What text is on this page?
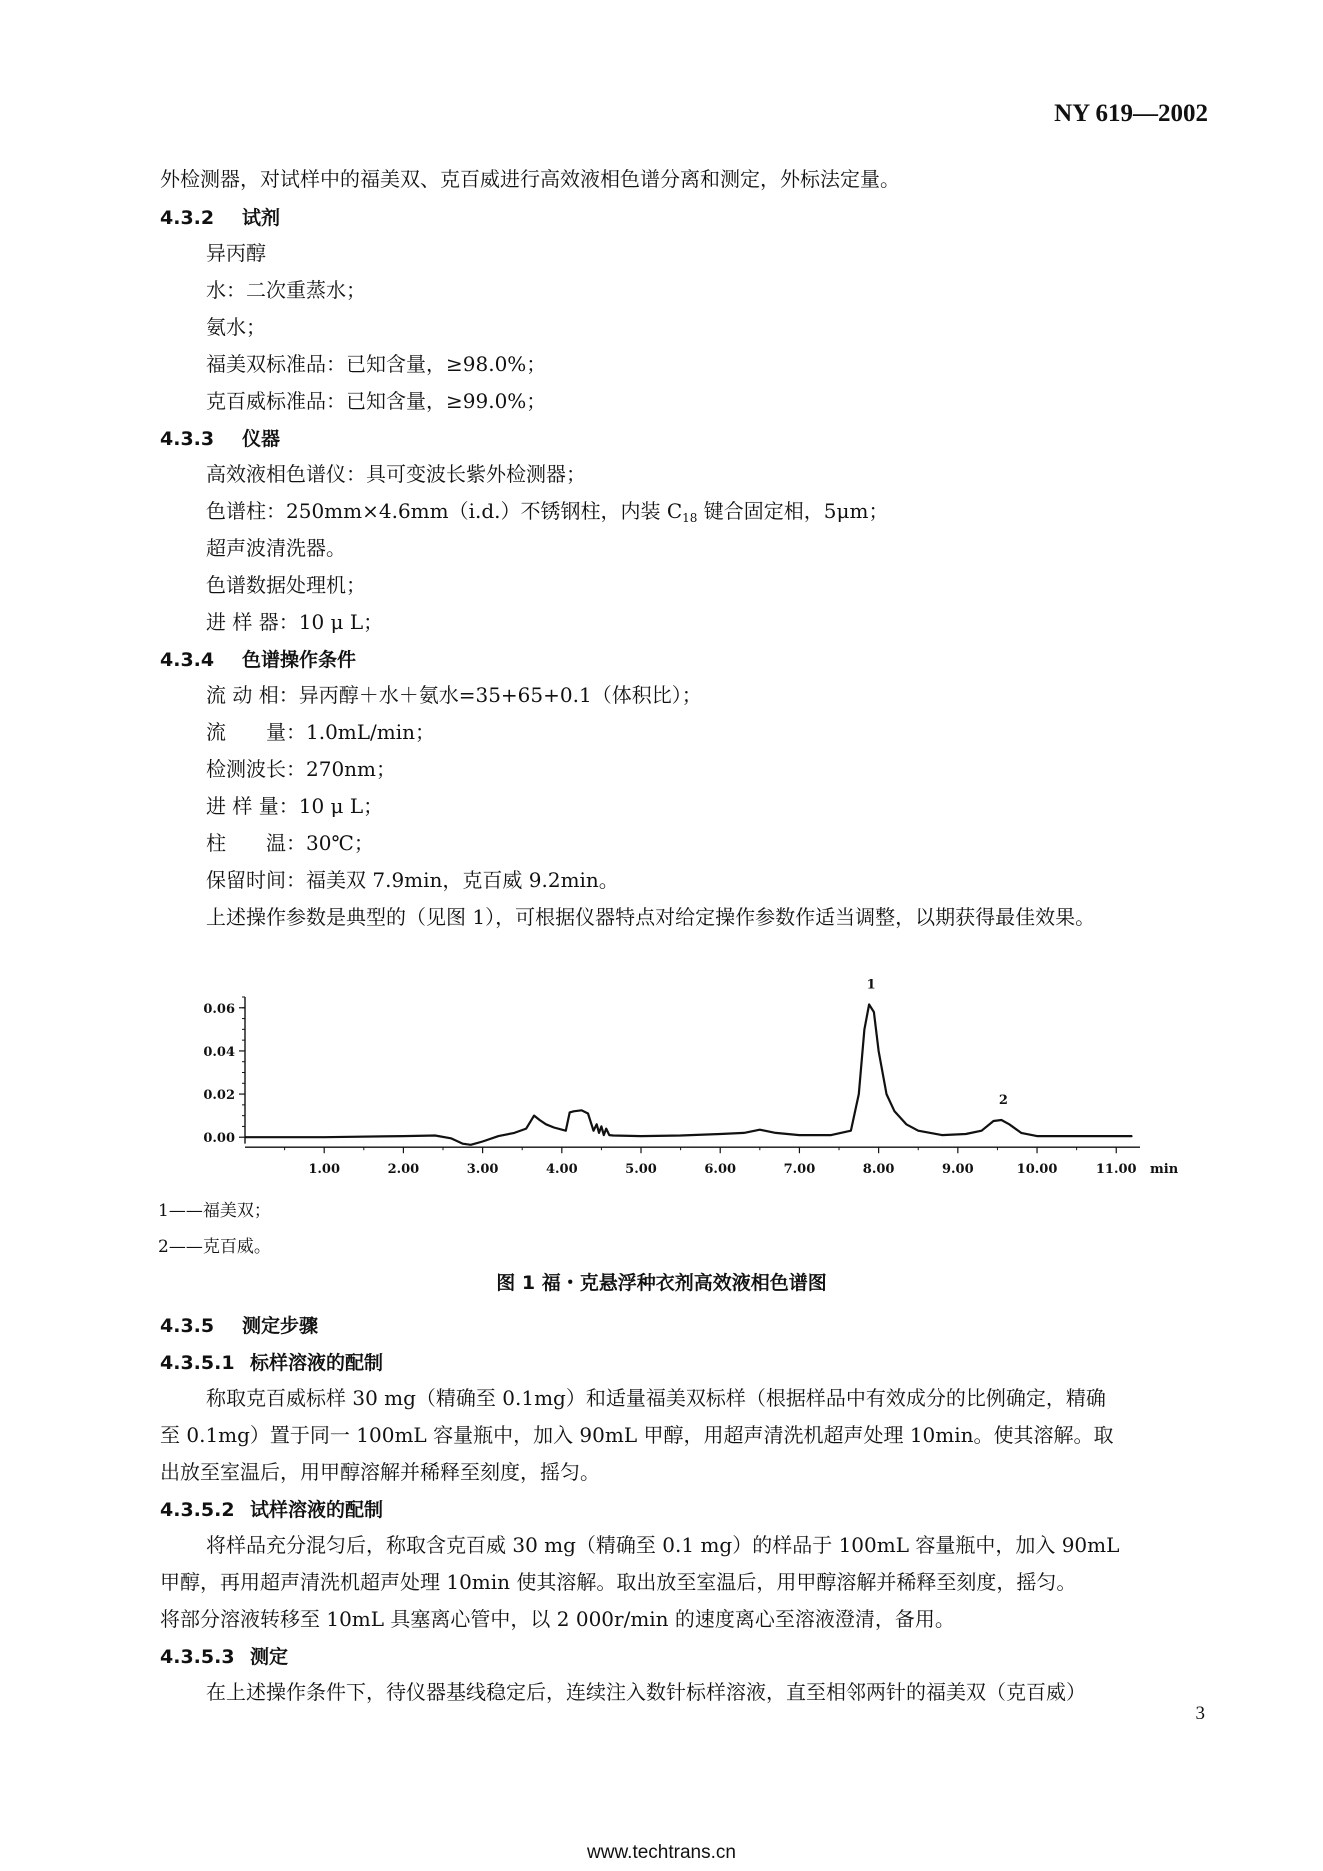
NY 619—2002
外检测器，对试样中的福美双、克百威进行高效液相色谱分离和测定，外标法定量。
4.3.2 试剂
异丙醇
水：二次重蒸水；
氨水；
福美双标准品：已知含量，≥98.0%；
克百威标准品：已知含量，≥99.0%；
4.3.3 仪器
高效液相色谱仪：具可变波长紫外检测器；
色谱柱：250mm×4.6mm（i.d.）不锈钢柱，内装 $C_{18}$ 键合固定相，5μm；
超声波清洗器。
色谱数据处理机；
进 样 器：10 μ L；
4.3.4 色谱操作条件
流 动 相：异丙醇＋水＋氨水=35+65+0.1（体积比）；
流　　量：1.0mL/min；
检测波长：270nm；
进 样 量：10 μ L；
柱　　温：30℃；
保留时间：福美双 7.9min，克百威 9.2min。
上述操作参数是典型的（见图 1），可根据仪器特点对给定操作参数作适当调整，以期获得最佳效果。
0.00
0.02
0.04
0.06
1.00	2.00	3.00	4.00	5.00	6.00	7.00	8.00	9.00	10.00	11.00 min
1
2
1——福美双；
2——克百威。
图 1 福・克悬浮种衣剂高效液相色谱图
4.3.5 测定步骤
4.3.5.1 标样溶液的配制
称取克百威标样 30 mg（精确至 0.1mg）和适量福美双标样（根据样品中有效成分的比例确定，精确
至 0.1mg）置于同一 100mL 容量瓶中，加入 90mL 甲醇，用超声清洗机超声处理 10min。使其溶解。取
出放至室温后，用甲醇溶解并稀释至刻度，摇匀。
4.3.5.2 试样溶液的配制
将样品充分混匀后，称取含克百威 30 mg（精确至 0.1 mg）的样品于 100mL 容量瓶中，加入 90mL
甲醇，再用超声清洗机超声处理 10min 使其溶解。取出放至室温后，用甲醇溶解并稀释至刻度，摇匀。
将部分溶液转移至 10mL 具塞离心管中，以 2 000r/min 的速度离心至溶液澄清，备用。
4.3.5.3 测定
在上述操作条件下，待仪器基线稳定后，连续注入数针标样溶液，直至相邻两针的福美双（克百威）
3
www.techtrans.cn
